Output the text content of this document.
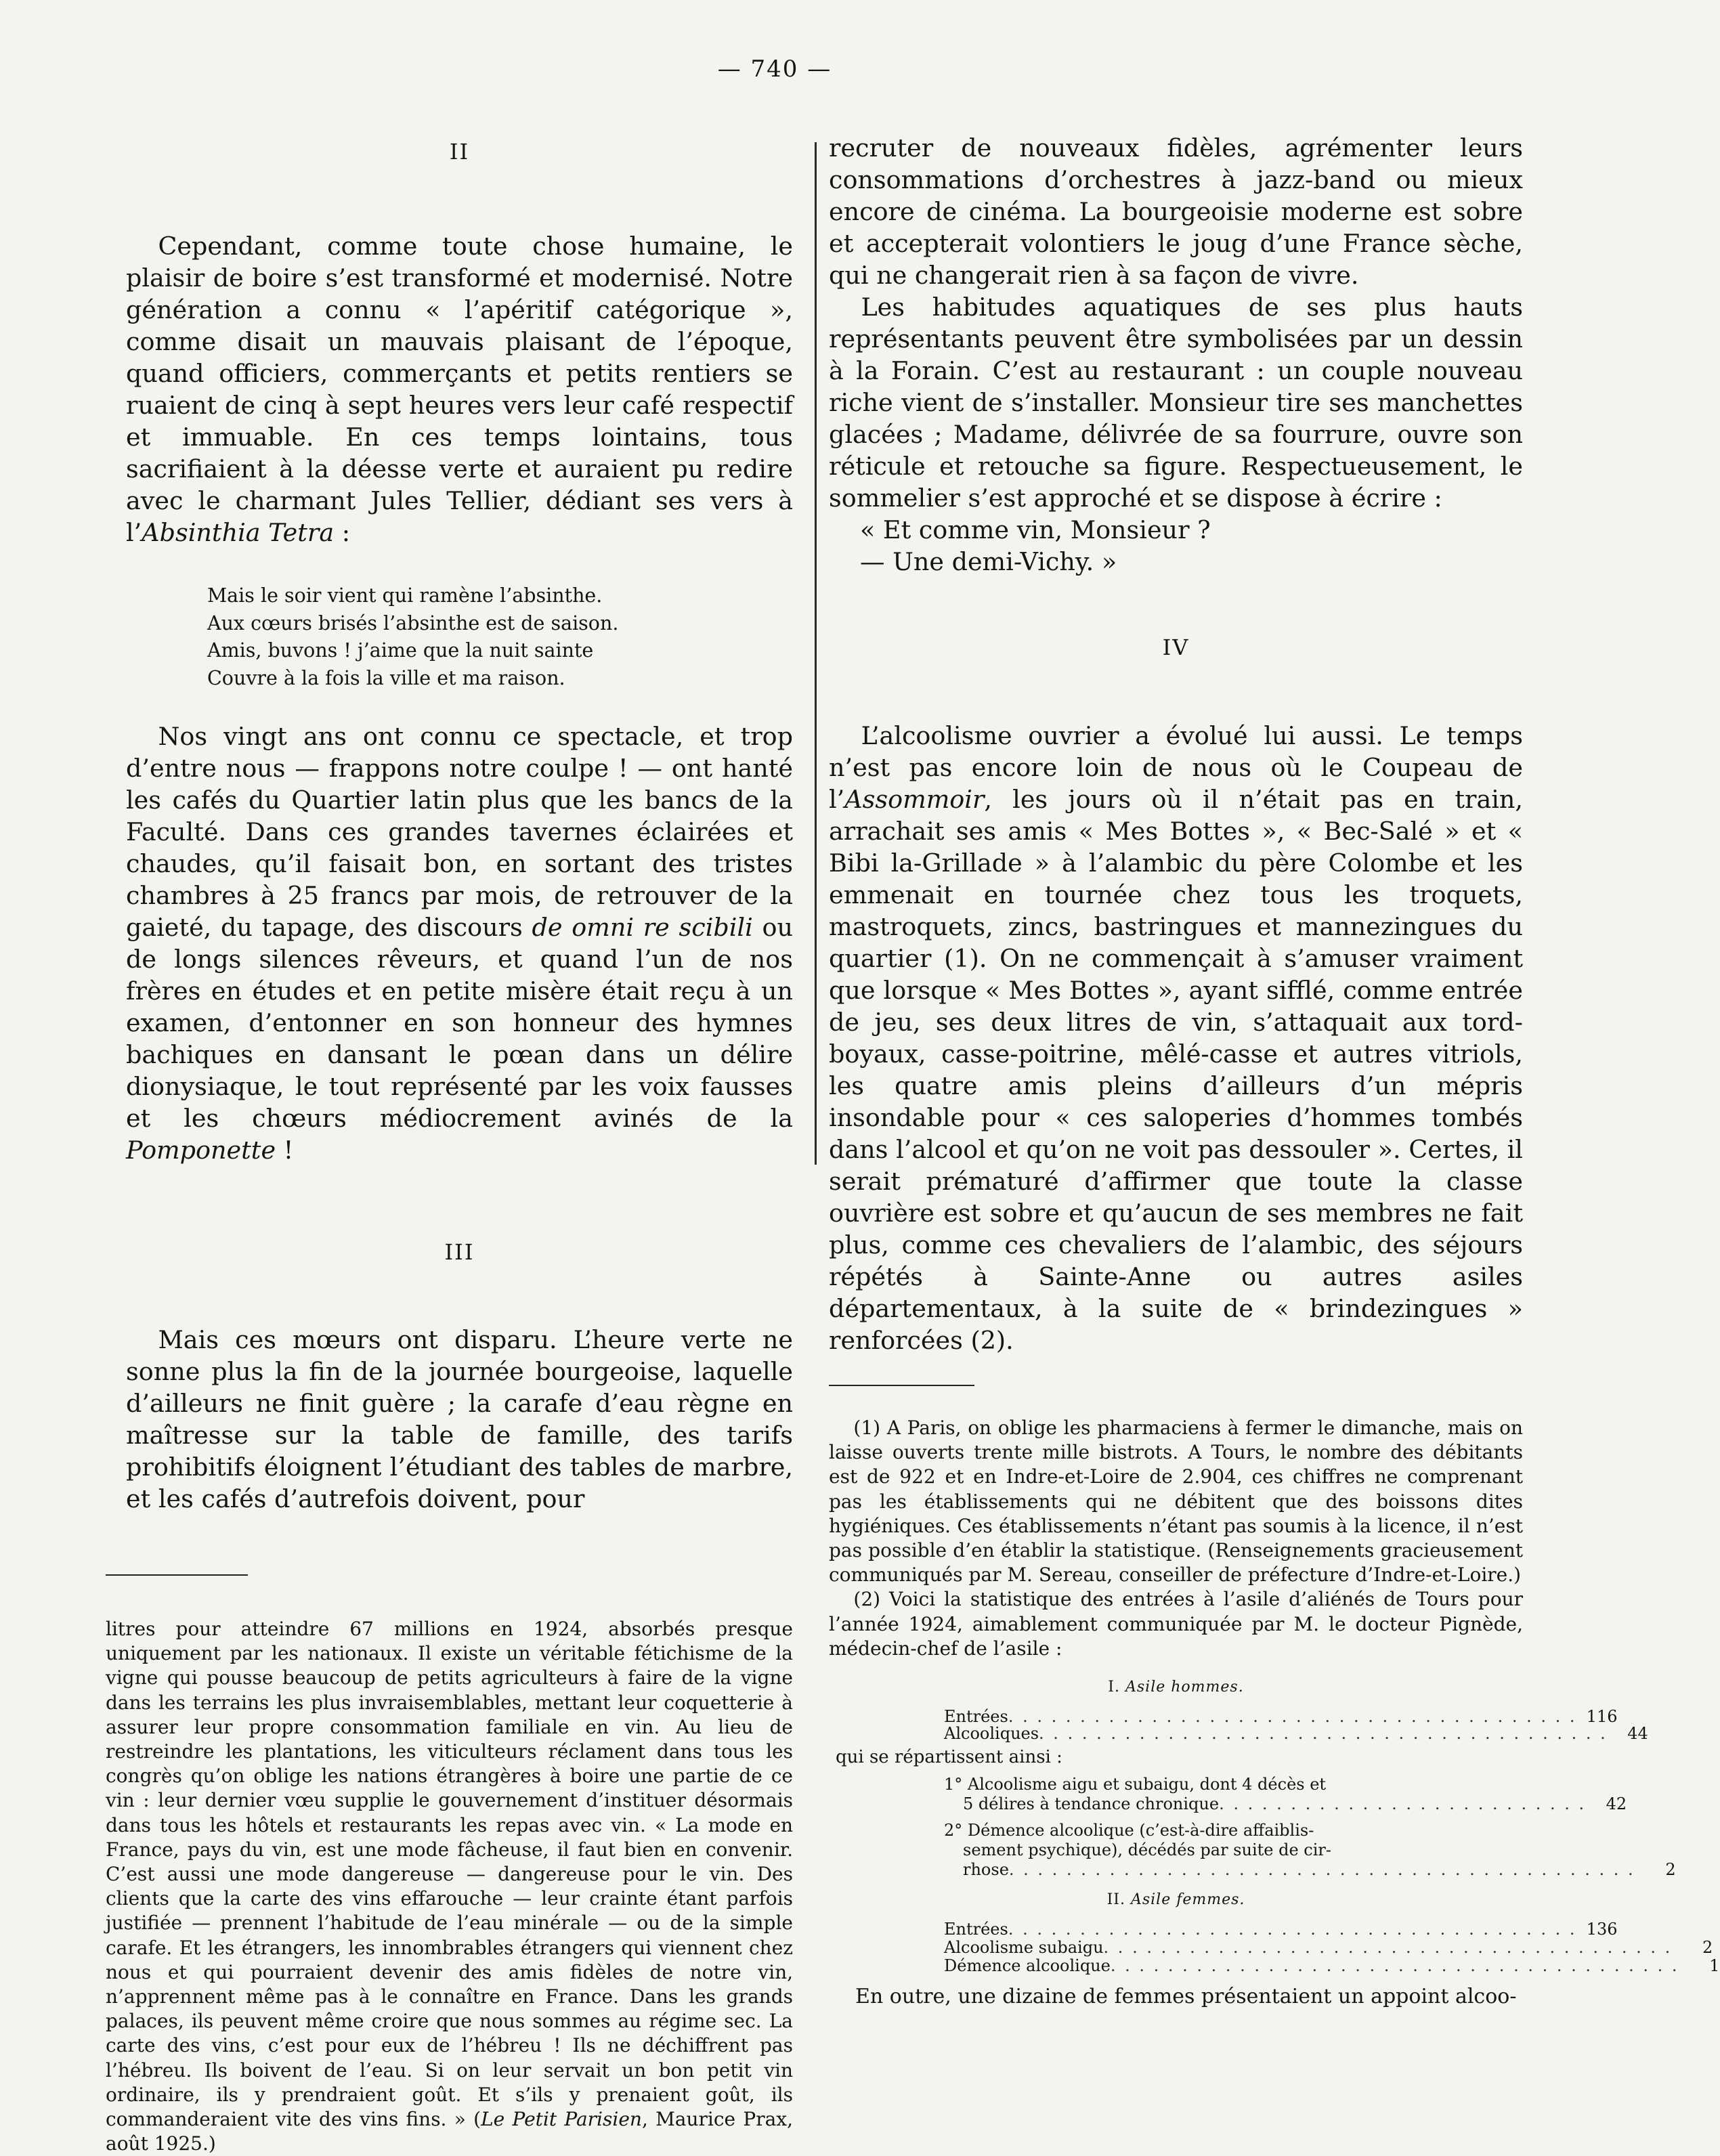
— 740 —
II

Cependant, comme toute chose humaine, le plaisir de boire s’est transformé et modernisé. Notre génération a connu « l’apéritif catégorique », comme disait un mauvais plaisant de l’époque, quand officiers, commerçants et petits rentiers se ruaient de cinq à sept heures vers leur café respectif et immuable. En ces temps lointains, tous sacrifiaient à la déesse verte et auraient pu redire avec le charmant Jules Tellier, dédiant ses vers à l’Absinthia Tetra :

Mais le soir vient qui ramène l’absinthe.
Aux cœurs brisés l’absinthe est de saison.
Amis, buvons ! j’aime que la nuit sainte
Couvre à la fois la ville et ma raison.

Nos vingt ans ont connu ce spectacle, et trop d’entre nous — frappons notre coulpe ! — ont hanté les cafés du Quartier latin plus que les bancs de la Faculté. Dans ces grandes tavernes éclairées et chaudes, qu’il faisait bon, en sortant des tristes chambres à 25 francs par mois, de retrouver de la gaieté, du tapage, des discours de omni re scibili ou de longs silences rêveurs, et quand l’un de nos frères en études et en petite misère était reçu à un examen, d’entonner en son honneur des hymnes bachiques en dansant le pœan dans un délire dionysiaque, le tout représenté par les voix fausses et les chœurs médiocrement avinés de la Pomponette !

III

Mais ces mœurs ont disparu. L’heure verte ne sonne plus la fin de la journée bourgeoise, laquelle d’ailleurs ne finit guère ; la carafe d’eau règne en maîtresse sur la table de famille, des tarifs prohibitifs éloignent l’étudiant des tables de marbre, et les cafés d’autrefois doivent, pour

litres pour atteindre 67 millions en 1924, absorbés presque uniquement par les nationaux. Il existe un véritable fétichisme de la vigne qui pousse beaucoup de petits agriculteurs à faire de la vigne dans les terrains les plus invraisemblables, mettant leur coquetterie à assurer leur propre consommation familiale en vin. Au lieu de restreindre les plantations, les viticulteurs réclament dans tous les congrès qu’on oblige les nations étrangères à boire une partie de ce vin : leur dernier vœu supplie le gouvernement d’instituer désormais dans tous les hôtels et restaurants les repas avec vin. « La mode en France, pays du vin, est une mode fâcheuse, il faut bien en convenir. C’est aussi une mode dangereuse — dangereuse pour le vin. Des clients que la carte des vins effarouche — leur crainte étant parfois justifiée — prennent l’habitude de l’eau minérale — ou de la simple carafe. Et les étrangers, les innombrables étrangers qui viennent chez nous et qui pourraient devenir des amis fidèles de notre vin, n’apprennent même pas à le connaître en France. Dans les grands palaces, ils peuvent même croire que nous sommes au régime sec. La carte des vins, c’est pour eux de l’hébreu ! Ils ne déchiffrent pas l’hébreu. Ils boivent de l’eau. Si on leur servait un bon petit vin ordinaire, ils y prendraient goût. Et s’ils y prenaient goût, ils commanderaient vite des vins fins. » (Le Petit Parisien, Maurice Prax, août 1925.)

recruter de nouveaux fidèles, agrémenter leurs consommations d’orchestres à jazz-band ou mieux encore de cinéma. La bourgeoisie moderne est sobre et accepterait volontiers le joug d’une France sèche, qui ne changerait rien à sa façon de vivre.

Les habitudes aquatiques de ses plus hauts représentants peuvent être symbolisées par un dessin à la Forain. C’est au restaurant : un couple nouveau riche vient de s’installer. Monsieur tire ses manchettes glacées ; Madame, délivrée de sa fourrure, ouvre son réticule et retouche sa figure. Respectueusement, le sommelier s’est approché et se dispose à écrire :

« Et comme vin, Monsieur ?
— Une demi-Vichy. »
IV

L’alcoolisme ouvrier a évolué lui aussi. Le temps n’est pas encore loin de nous où le Coupeau de l’Assommoir, les jours où il n’était pas en train, arrachait ses amis « Mes Bottes », « Bec-Salé » et « Bibi la-Grillade » à l’alambic du père Colombe et les emmenait en tournée chez tous les troquets, mastroquets, zincs, bastringues et mannezingues du quartier (1). On ne commençait à s’amuser vraiment que lorsque « Mes Bottes », ayant sifflé, comme entrée de jeu, ses deux litres de vin, s’attaquait aux tord-boyaux, casse-poitrine, mêlé-casse et autres vitriols, les quatre amis pleins d’ailleurs d’un mépris insondable pour « ces saloperies d’hommes tombés dans l’alcool et qu’on ne voit pas dessouler ». Certes, il serait prématuré d’affirmer que toute la classe ouvrière est sobre et qu’aucun de ses membres ne fait plus, comme ces chevaliers de l’alambic, des séjours répétés à Sainte-Anne ou autres asiles départementaux, à la suite de « brindezingues » renforcées (2).

(1) A Paris, on oblige les pharmaciens à fermer le dimanche, mais on laisse ouverts trente mille bistrots. A Tours, le nombre des débitants est de 922 et en Indre-et-Loire de 2.904, ces chiffres ne comprenant pas les établissements qui ne débitent que des boissons dites hygiéniques. Ces établissements n’étant pas soumis à la licence, il n’est pas possible d’en établir la statistique. (Renseignements gracieusement communiqués par M. Sereau, conseiller de préfecture d’Indre-et-Loire.)

(2) Voici la statistique des entrées à l’asile d’aliénés de Tours pour l’année 1924, aimablement communiquée par M. le docteur Pignède, médecin-chef de l’asile :

I. Asile hommes.
Entrées . . . . . . . . . . . . . . . . . . . . . . . . . . . . . . . . . . . . . . . . 116
Alcooliques . . . . . . . . . . . . . . . . . . . . . . . . . . . . . . . . . . . . . . . .	44

qui se répartissent ainsi :

1° Alcoolisme aigu et subaigu, dont 4 décès et
5 délires à tendance chronique . . . . . . . . . . . . . . . . . . . . . . . . . .	42
2° Démence alcoolique (c’est-à-dire affaiblis-
sement psychique), décédés par suite de cir-
rhose . . . . . . . . . . . . . . . . . . . . . . . . . . . . . . . . . . . . . . . . . . . .	2
II. Asile femmes.
Entrées . . . . . . . . . . . . . . . . . . . . . . . . . . . . . . . . . . . . . . . . 136
Alcoolisme subaigu . . . . . . . . . . . . . . . . . . . . . . . . . . . . . . . . . . . . . . . .	2
Démence alcoolique . . . . . . . . . . . . . . . . . . . . . . . . . . . . . . . . . . . . . . . .	1

En outre, une dizaine de femmes présentaient un appoint alcoo-
